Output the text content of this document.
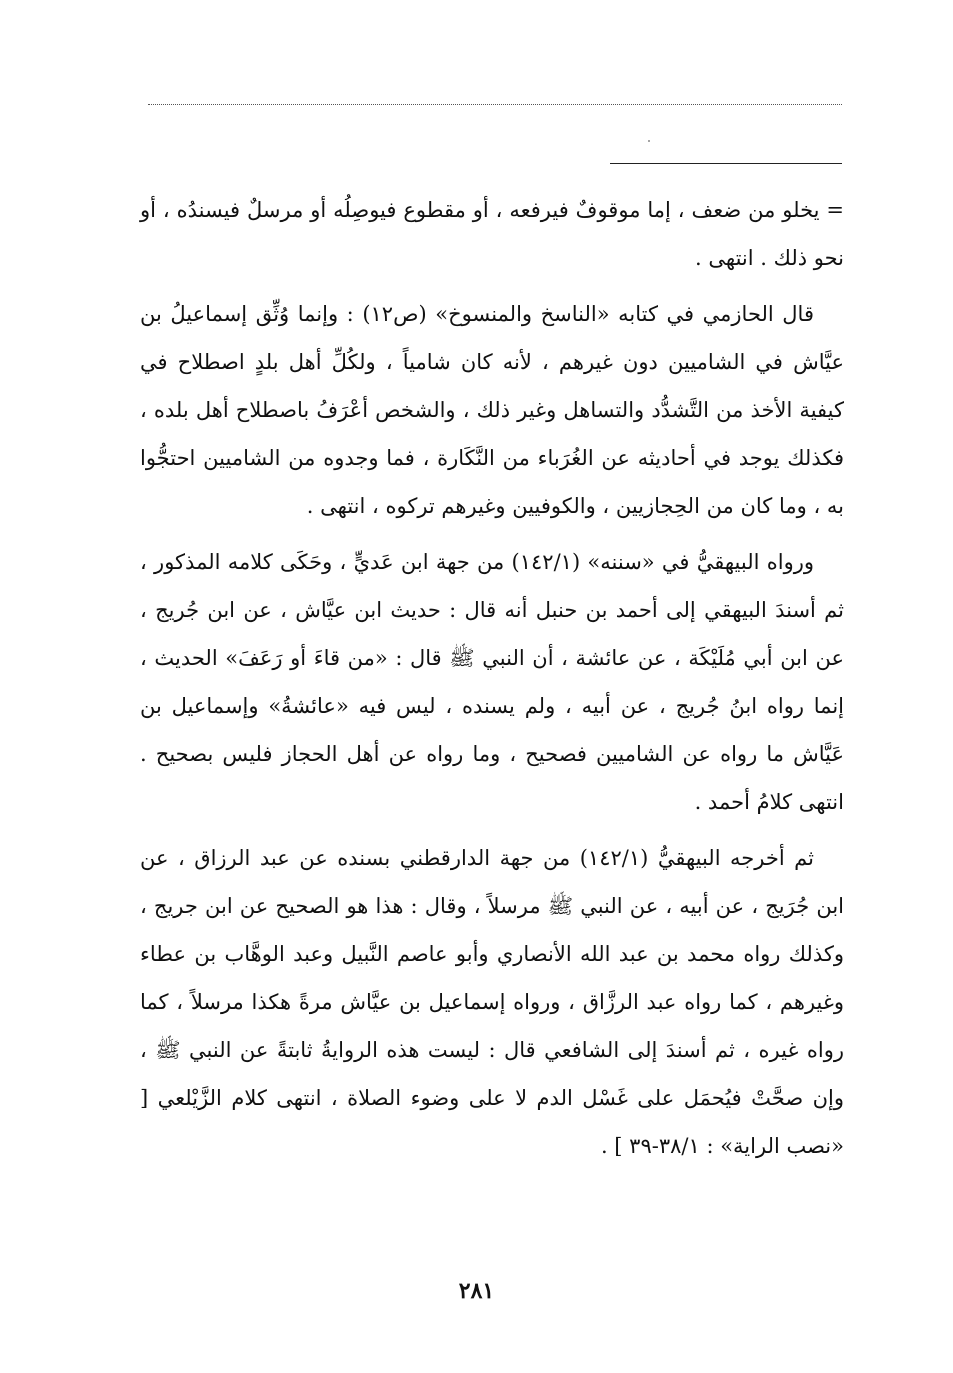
= يخلو من ضعف ، إما موقوفٌ فيرفعه ، أو مقطوع فيوصِلُه أو مرسلٌ فيسندُه ، أو نحو ذلك . انتهى .

قال الحازمي في كتابه «الناسخ والمنسوخ» (ص١٢) : وإنما وُثِّق إسماعيلُ بن عيَّاش في الشاميين دون غيرهم ، لأنه كان شامياً ، ولكُلِّ أهل بلدٍ اصطلاح في كيفية الأخذ من التَّشدُّد والتساهل وغير ذلك ، والشخص أعْرَفُ باصطلاح أهل بلده ، فكذلك يوجد في أحاديثه عن الغُرَباء من النَّكَارة ، فما وجدوه من الشاميين احتجُّوا به ، وما كان من الحِجازيين ، والكوفيين وغيرهم تركوه ، انتهى .

ورواه البيهقيُّ في «سننه» (١٤٢/١) من جهة ابن عَديٍّ ، وحَكَى كلامه المذكور ، ثم أسندَ البيهقي إلى أحمد بن حنبل أنه قال : حديث ابن عيَّاش ، عن ابن جُريج ، عن ابن أبي مُلَيْكَة ، عن عائشة ، أن النبي ﷺ قال : «من قاءَ أو رَعَفَ» الحديث ، إنما رواه ابنُ جُريج ، عن أبيه ، ولم يسنده ، ليس فيه «عائشةُ» وإسماعيل بن عَيَّاش ما رواه عن الشاميين فصحيح ، وما رواه عن أهل الحجاز فليس بصحيح . انتهى كلامُ أحمد .

ثم أخرجه البيهقيُّ (١٤٢/١) من جهة الدارقطني بسنده عن عبد الرزاق ، عن ابن جُرَيج ، عن أبيه ، عن النبي ﷺ مرسلاً ، وقال : هذا هو الصحيح عن ابن جريج ، وكذلك رواه محمد بن عبد الله الأنصاري وأبو عاصم النَّبيل وعبد الوهَّاب بن عطاء وغيرهم ، كما رواه عبد الرزَّاق ، ورواه إسماعيل بن عيَّاش مرةً هكذا مرسلاً ، كما رواه غيره ، ثم أسندَ إلى الشافعي قال : ليست هذه الروايةُ ثابتةً عن النبي ﷺ ، وإن صحَّتْ فيُحمَل على غَسْل الدم لا على وضوء الصلاة ، انتهى كلام الزَّيْلعي [ «نصب الراية» : ٣٨/١-٣٩ ] .

٢٨١
